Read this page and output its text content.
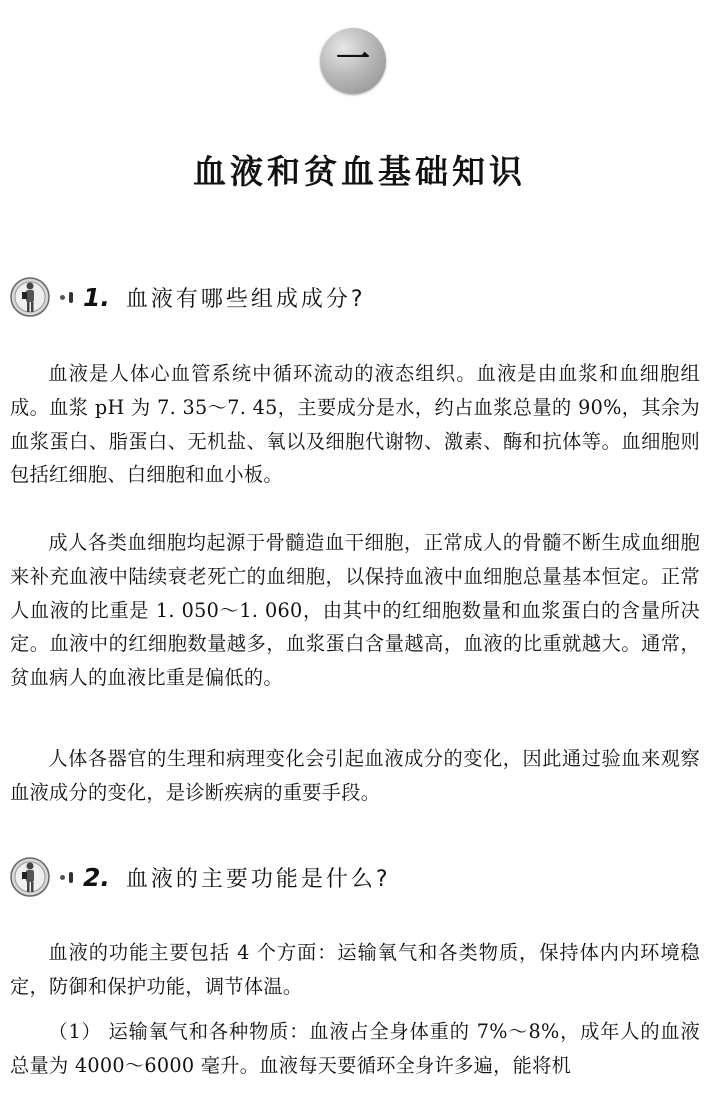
一
血液和贫血基础知识
1. 血液有哪些组成成分?

血液是人体心血管系统中循环流动的液态组织。血液是由血浆和血细胞组成。血浆 pH 为 7. 35～7. 45，主要成分是水，约占血浆总量的 90%，其余为血浆蛋白、脂蛋白、无机盐、氧以及细胞代谢物、激素、酶和抗体等。血细胞则包括红细胞、白细胞和血小板。

成人各类血细胞均起源于骨髓造血干细胞，正常成人的骨髓不断生成血细胞来补充血液中陆续衰老死亡的血细胞，以保持血液中血细胞总量基本恒定。正常人血液的比重是 1. 050～1. 060，由其中的红细胞数量和血浆蛋白的含量所决定。血液中的红细胞数量越多，血浆蛋白含量越高，血液的比重就越大。通常，贫血病人的血液比重是偏低的。

人体各器官的生理和病理变化会引起血液成分的变化，因此通过验血来观察血液成分的变化，是诊断疾病的重要手段。

2. 血液的主要功能是什么?

血液的功能主要包括 4 个方面：运输氧气和各类物质，保持体内内环境稳定，防御和保护功能，调节体温。

（1） 运输氧气和各种物质：血液占全身体重的 7%～8%，成年人的血液总量为 4000～6000 毫升。血液每天要循环全身许多遍，能将机
